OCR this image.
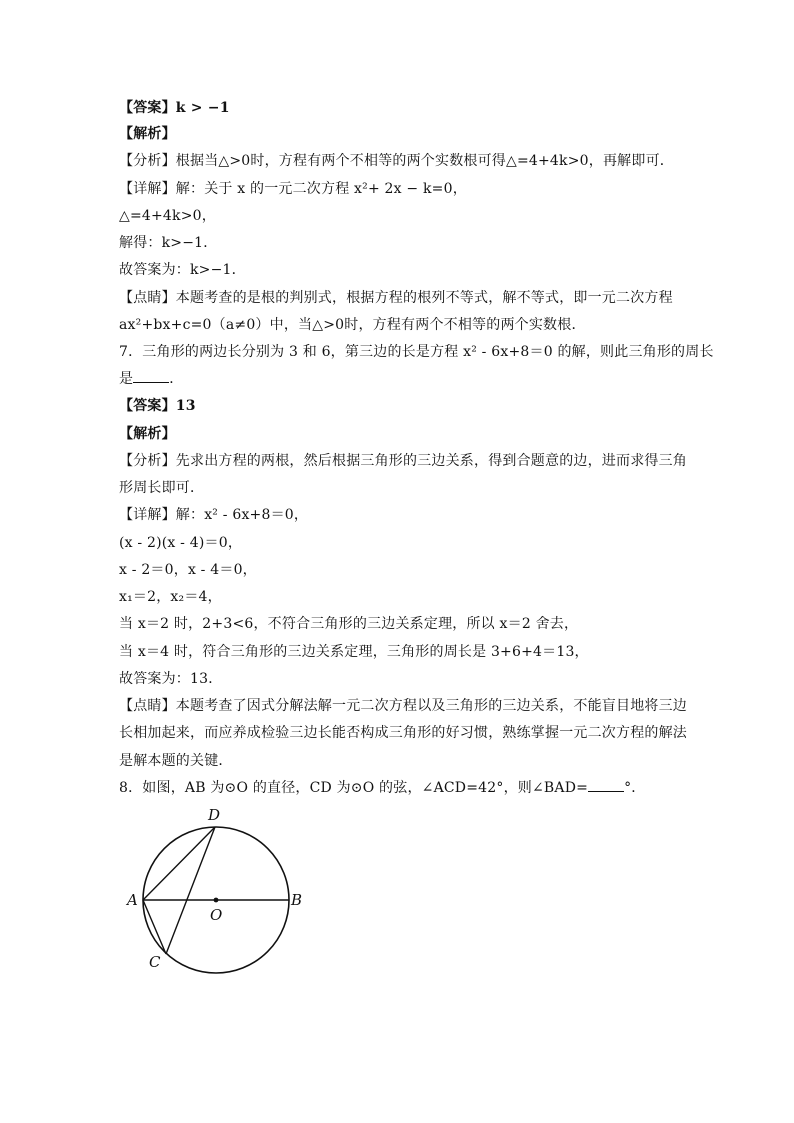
【答案】k > −1
【解析】
【分析】根据当△>0时，方程有两个不相等的两个实数根可得△=4+4k>0，再解即可．
【详解】解：关于 x 的一元二次方程 x²+ 2x − k=0，
△=4+4k>0，
解得：k>−1．
故答案为：k>−1．
【点睛】本题考查的是根的判别式，根据方程的根列不等式，解不等式，即一元二次方程
ax²+bx+c=0（a≠0）中，当△>0时，方程有两个不相等的两个实数根．
7．三角形的两边长分别为 3 和 6，第三边的长是方程 x² - 6x+8＝0 的解，则此三角形的周长
是	．
【答案】13
【解析】
【分析】先求出方程的两根，然后根据三角形的三边关系，得到合题意的边，进而求得三角
形周长即可．
【详解】解：x² - 6x+8＝0，
(x - 2)(x - 4)＝0，
x - 2＝0，x - 4＝0，
x₁＝2，x₂＝4，
当 x＝2 时，2+3<6，不符合三角形的三边关系定理，所以 x＝2 舍去，
当 x＝4 时，符合三角形的三边关系定理，三角形的周长是 3+6+4＝13，
故答案为：13．
【点睛】本题考查了因式分解法解一元二次方程以及三角形的三边关系，不能盲目地将三边
长相加起来，而应养成检验三边长能否构成三角形的好习惯，熟练掌握一元二次方程的解法
是解本题的关键．
8．如图，AB 为⊙O 的直径，CD 为⊙O 的弦，∠ACD=42°，则∠BAD=	°．
D
A
O
B
C
